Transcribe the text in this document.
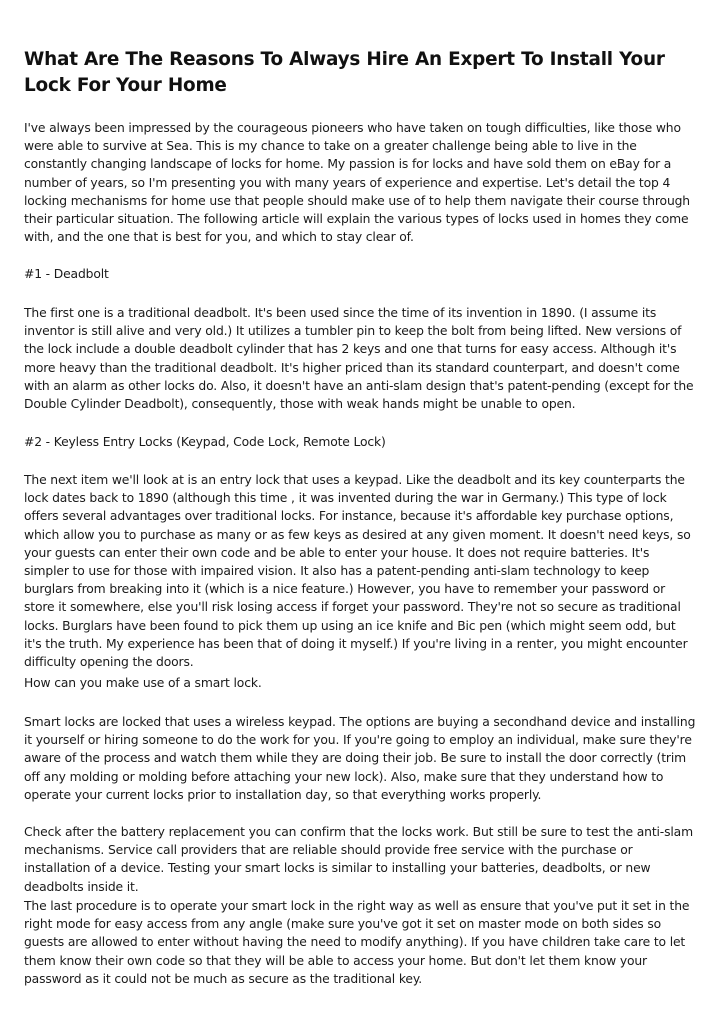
What Are The Reasons To Always Hire An Expert To Install Your Lock For Your Home

I've always been impressed by the courageous pioneers who have taken on tough difficulties, like those who were able to survive at Sea. This is my chance to take on a greater challenge being able to live in the constantly changing landscape of locks for home. My passion is for locks and have sold them on eBay for a number of years, so I'm presenting you with many years of experience and expertise. Let's detail the top 4 locking mechanisms for home use that people should make use of to help them navigate their course through their particular situation. The following article will explain the various types of locks used in homes they come with, and the one that is best for you, and which to stay clear of.

#1 - Deadbolt

The first one is a traditional deadbolt. It's been used since the time of its invention in 1890. (I assume its inventor is still alive and very old.) It utilizes a tumbler pin to keep the bolt from being lifted. New versions of the lock include a double deadbolt cylinder that has 2 keys and one that turns for easy access. Although it's more heavy than the traditional deadbolt. It's higher priced than its standard counterpart, and doesn't come with an alarm as other locks do. Also, it doesn't have an anti-slam design that's patent-pending (except for the Double Cylinder Deadbolt), consequently, those with weak hands might be unable to open.

#2 - Keyless Entry Locks (Keypad, Code Lock, Remote Lock)

The next item we'll look at is an entry lock that uses a keypad. Like the deadbolt and its key counterparts the lock dates back to 1890 (although this time , it was invented during the war in Germany.) This type of lock offers several advantages over traditional locks. For instance, because it's affordable key purchase options, which allow you to purchase as many or as few keys as desired at any given moment. It doesn't need keys, so your guests can enter their own code and be able to enter your house. It does not require batteries. It's simpler to use for those with impaired vision. It also has a patent-pending anti-slam technology to keep burglars from breaking into it (which is a nice feature.) However, you have to remember your password or store it somewhere, else you'll risk losing access if forget your password. They're not so secure as traditional locks. Burglars have been found to pick them up using an ice knife and Bic pen (which might seem odd, but it's the truth. My experience has been that of doing it myself.) If you're living in a renter, you might encounter difficulty opening the doors.

How can you make use of a smart lock.

Smart locks are locked that uses a wireless keypad. The options are buying a secondhand device and installing it yourself or hiring someone to do the work for you. If you're going to employ an individual, make sure they're aware of the process and watch them while they are doing their job. Be sure to install the door correctly (trim off any molding or molding before attaching your new lock). Also, make sure that they understand how to operate your current locks prior to installation day, so that everything works properly.

Check after the battery replacement you can confirm that the locks work. But still be sure to test the anti-slam mechanisms. Service call providers that are reliable should provide free service with the purchase or installation of a device. Testing your smart locks is similar to installing your batteries, deadbolts, or new deadbolts inside it.

The last procedure is to operate your smart lock in the right way as well as ensure that you've put it set in the right mode for easy access from any angle (make sure you've got it set on master mode on both sides so guests are allowed to enter without having the need to modify anything). If you have children take care to let them know their own code so that they will be able to access your home. But don't let them know your password as it could not be much as secure as the traditional key.
